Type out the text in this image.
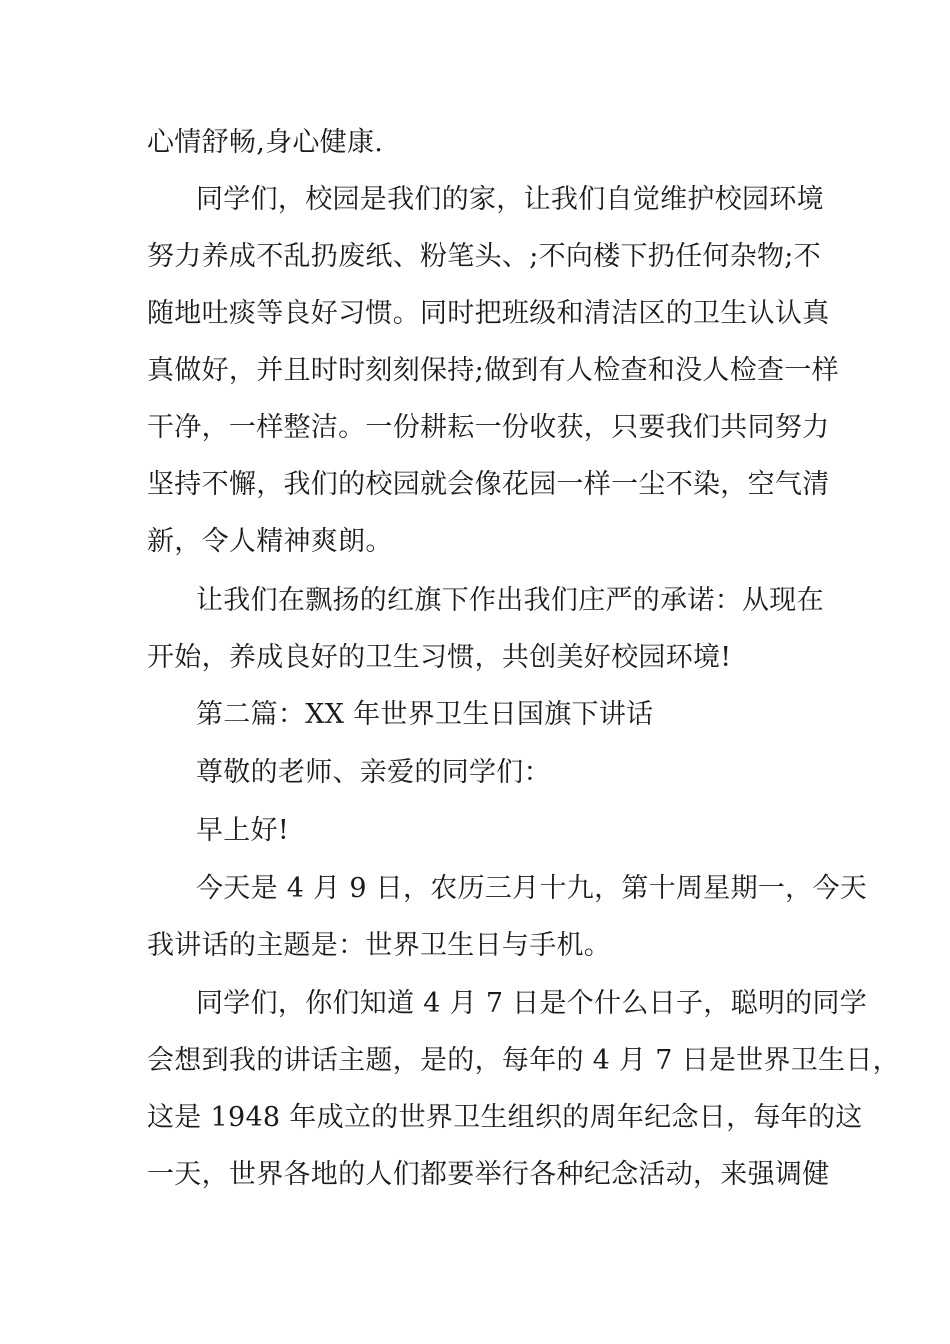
心情舒畅,身心健康.

同学们，校园是我们的家，让我们自觉维护校园环境

努力养成不乱扔废纸、粉笔头、;不向楼下扔任何杂物;不

随地吐痰等良好习惯。同时把班级和清洁区的卫生认认真

真做好，并且时时刻刻保持;做到有人检查和没人检查一样

干净，一样整洁。一份耕耘一份收获，只要我们共同努力

坚持不懈，我们的校园就会像花园一样一尘不染，空气清

新，令人精神爽朗。

让我们在飘扬的红旗下作出我们庄严的承诺：从现在

开始，养成良好的卫生习惯，共创美好校园环境!

第二篇：XX 年世界卫生日国旗下讲话

尊敬的老师、亲爱的同学们：

早上好!

今天是 4 月 9 日，农历三月十九，第十周星期一，今天

我讲话的主题是：世界卫生日与手机。

同学们，你们知道 4 月 7 日是个什么日子，聪明的同学

会想到我的讲话主题，是的，每年的 4 月 7 日是世界卫生日，

这是 1948 年成立的世界卫生组织的周年纪念日，每年的这

一天，世界各地的人们都要举行各种纪念活动，来强调健
